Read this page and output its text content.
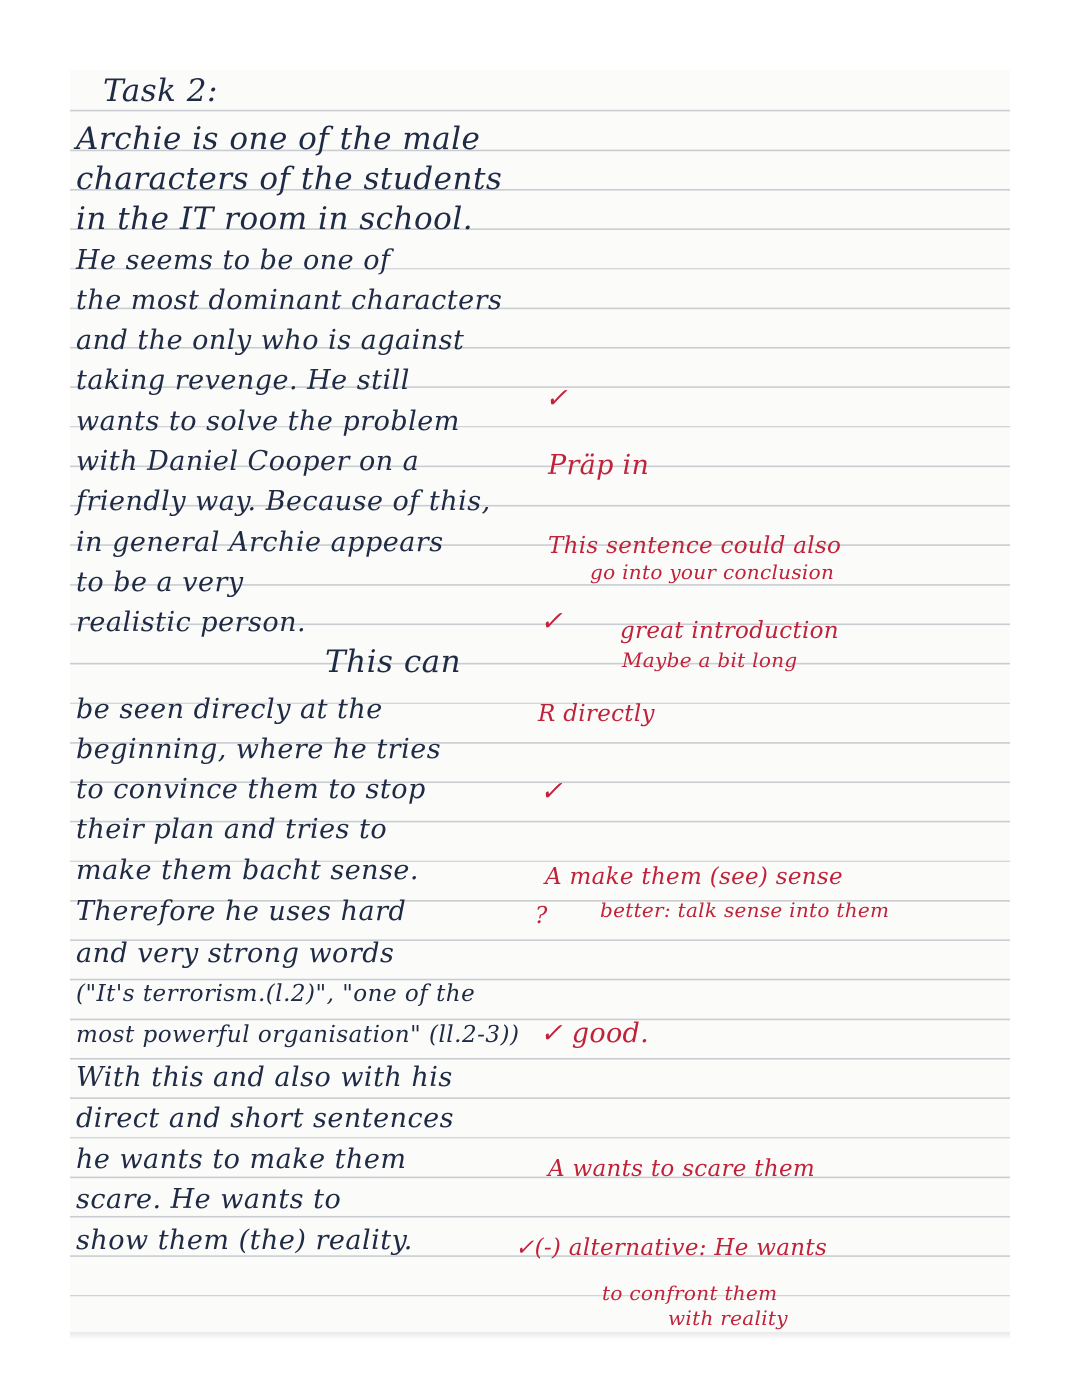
Task 2:
Archie is one of the male
characters of the students
in the IT room in school.
He seems to be one of
the most dominant characters
and the only who is against
taking revenge. He still
wants to solve the problem
with Daniel Cooper on a
friendly way. Because of this,
in general Archie appears
to be a very
realistic person.
This can
be seen direcly at the
beginning, where he tries
to convince them to stop
their plan and tries to
make them bacht sense.
Therefore he uses hard
and very strong words
("It's terrorism.(l.2)", "one of the
most powerful organisation" (ll.2-3))
With this and also with his
direct and short sentences
he wants to make them
scare. He wants to
show them (the) reality.
✓
Präp in
This sentence could also
go into your conclusion
✓ great introduction
Maybe a bit long
R directly
✓
A make them (see) sense
better: talk sense into them
?
✓ good.
A wants to scare them
✓(-) alternative: He wants
to confront them
with reality
